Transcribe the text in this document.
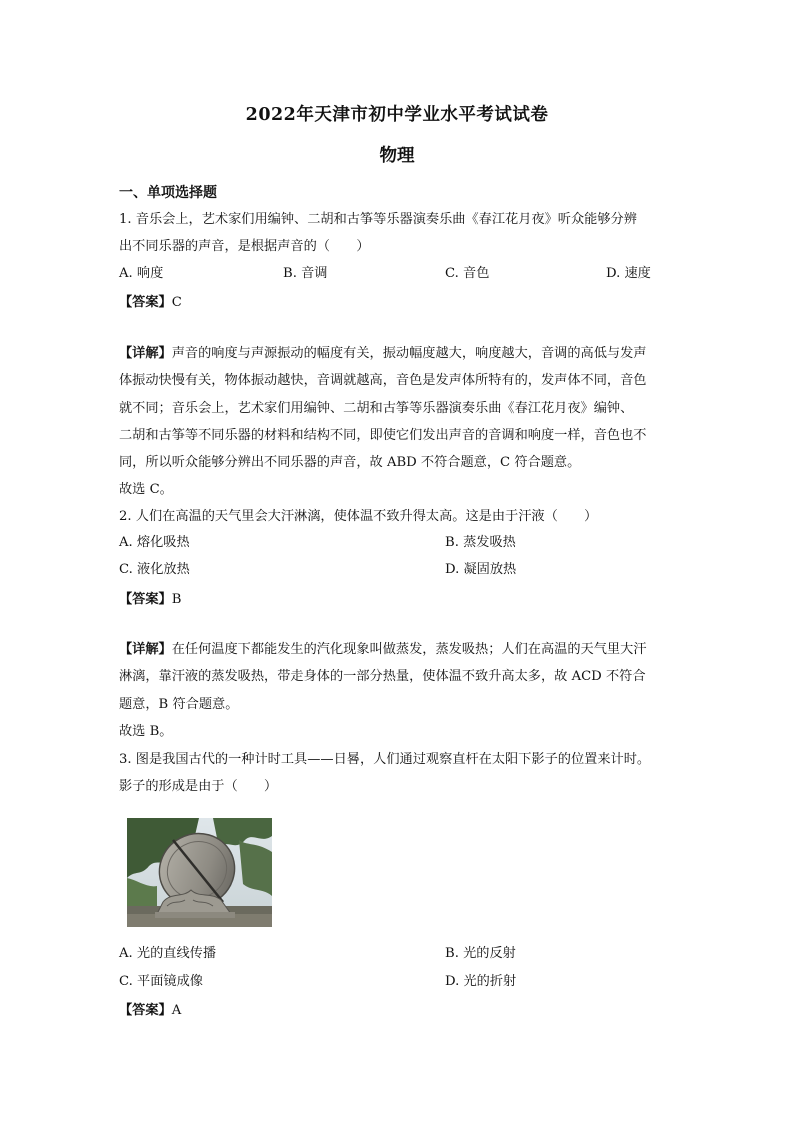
2022年天津市初中学业水平考试试卷
物理
一、单项选择题
1. 音乐会上，艺术家们用编钟、二胡和古筝等乐器演奏乐曲《春江花月夜》听众能够分辨
出不同乐器的声音，是根据声音的（　　）
A. 响度	B. 音调	C. 音色	D. 速度
【答案】C
【详解】声音的响度与声源振动的幅度有关，振动幅度越大，响度越大，音调的高低与发声
体振动快慢有关，物体振动越快，音调就越高，音色是发声体所特有的，发声体不同，音色
就不同；音乐会上，艺术家们用编钟、二胡和古筝等乐器演奏乐曲《春江花月夜》编钟、
二胡和古筝等不同乐器的材料和结构不同，即使它们发出声音的音调和响度一样，音色也不
同，所以听众能够分辨出不同乐器的声音，故 ABD 不符合题意，C 符合题意。
故选 C。
2. 人们在高温的天气里会大汗淋漓，使体温不致升得太高。这是由于汗液（　　）
A. 熔化吸热	B. 蒸发吸热
C. 液化放热	D. 凝固放热
【答案】B
【详解】在任何温度下都能发生的汽化现象叫做蒸发，蒸发吸热；人们在高温的天气里大汗
淋漓，靠汗液的蒸发吸热，带走身体的一部分热量，使体温不致升高太多，故 ACD 不符合
题意，B 符合题意。
故选 B。
3. 图是我国古代的一种计时工具——日晷，人们通过观察直杆在太阳下影子的位置来计时。
影子的形成是由于（　　）
A. 光的直线传播	B. 光的反射
C. 平面镜成像	D. 光的折射
【答案】A
